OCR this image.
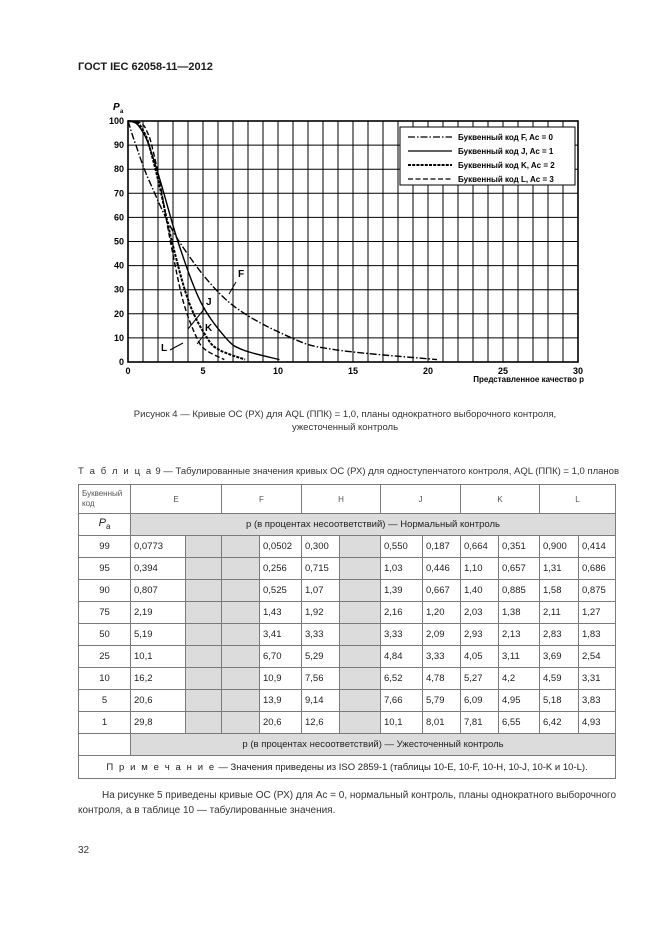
ГОСТ IEC 62058-11—2012
F
J
K
L
0	5	10	15	20	25	30
0
10
20
30
40
50
60
70
80
90
100
P a
Представленное качество p
Буквенный код F, Ac = 0
Буквенный код J, Ac = 1
Буквенный код K, Ac = 2
Буквенный код L, Ac = 3
Рисунок 4 — Кривые ОС (РХ) для AQL (ППК) = 1,0, планы однократного выборочного контроля,
ужесточенный контроль
Т а б л и ц а 9 — Табулированные значения кривых ОС (РХ) для одноступенчатого контроля, AQL (ППК) = 1,0 планов
Буквенный код	E		F		H		J		K		L	
$P_a$	p (в процентах несоответствий) — Нормальный контроль											
99	0,0773			0,0502	0,300		0,550	0,187	0,664	0,351	0,900	0,414
95	0,394			0,256	0,715		1,03	0,446	1,10	0,657	1,31	0,686
90	0,807			0,525	1,07		1,39	0,667	1,40	0,885	1,58	0,875
75	2,19			1,43	1,92		2,16	1,20	2,03	1,38	2,11	1,27
50	5,19			3,41	3,33		3,33	2,09	2,93	2,13	2,83	1,83
25	10,1			6,70	5,29		4,84	3,33	4,05	3,11	3,69	2,54
10	16,2			10,9	7,56		6,52	4,78	5,27	4,2	4,59	3,31
5	20,6			13,9	9,14		7,66	5,79	6,09	4,95	5,18	3,83
1	29,8			20,6	12,6		10,1	8,01	7,81	6,55	6,42	4,93
	p (в процентах несоответствий) — Ужесточенный контроль											
П р и м е ч а н и е — Значения приведены из ISO 2859-1 (таблицы 10-E, 10-F, 10-H, 10-J, 10-K и 10-L).												
На рисунке 5 приведены кривые ОС (РХ) для Ac = 0, нормальный контроль, планы однократного выборочного контроля, а в таблице 10 — табулированные значения.
32
